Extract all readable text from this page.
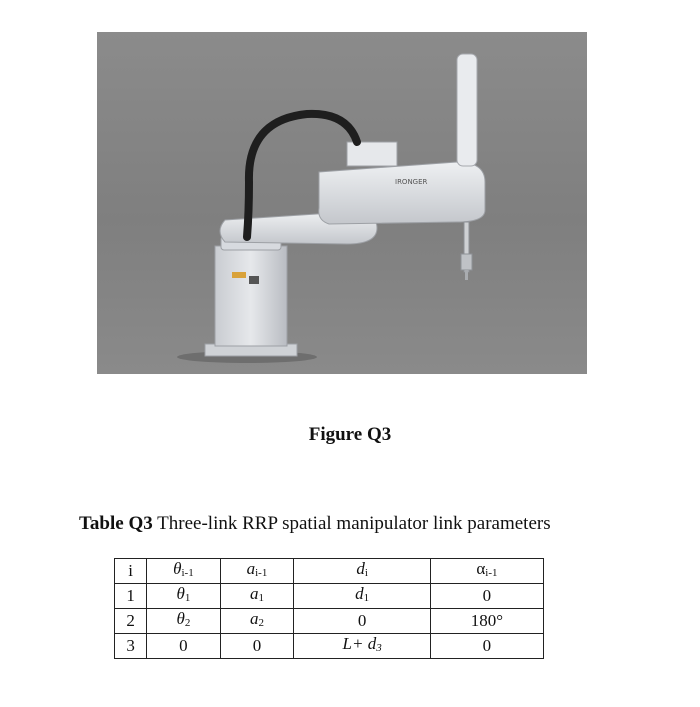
IRONGER
Figure Q3
Table Q3 Three-link RRP spatial manipulator link parameters
i	θi-1	ai-1	di	αi-1
1	θ1	a1	d1	0
2	θ2	a2	0	180°
3	0	0	L+ d3	0
